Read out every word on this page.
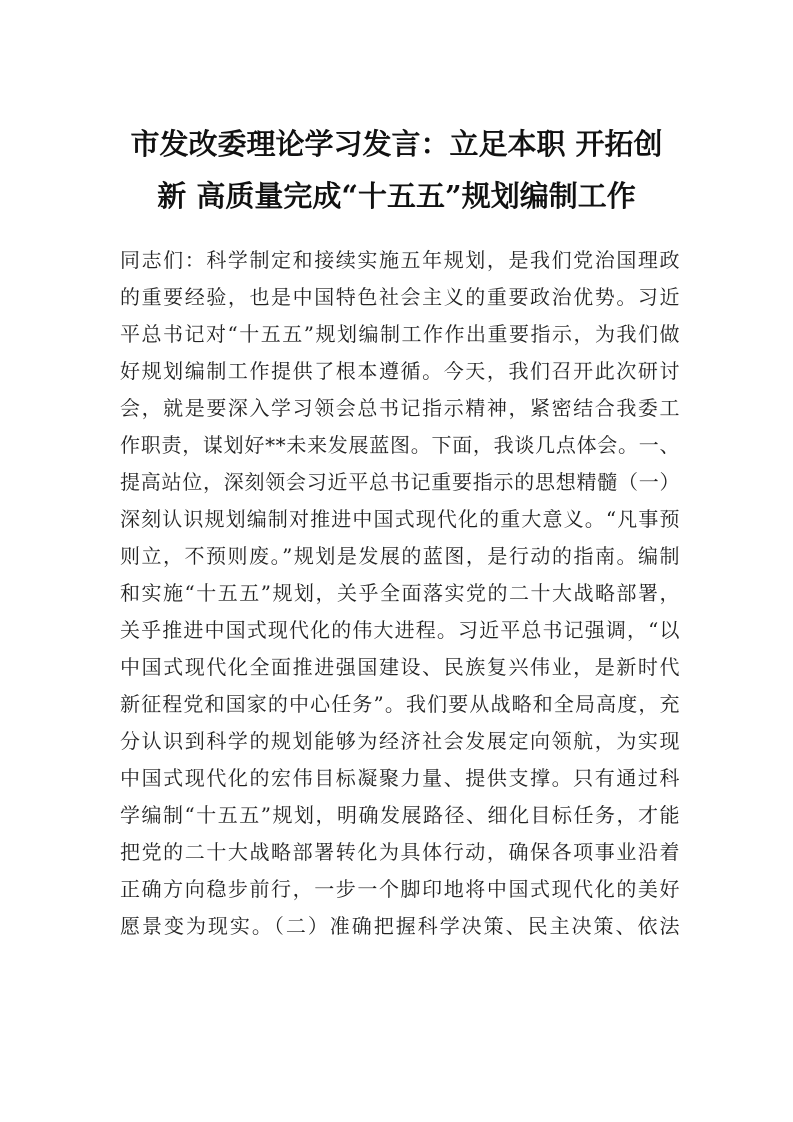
市发改委理论学习发言：立足本职 开拓创
新 高质量完成“十五五”规划编制工作
同志们：科学制定和接续实施五年规划，是我们党治国理政
的重要经验，也是中国特色社会主义的重要政治优势。习近
平总书记对“十五五”规划编制工作作出重要指示，为我们做
好规划编制工作提供了根本遵循。今天，我们召开此次研讨
会，就是要深入学习领会总书记指示精神，紧密结合我委工
作职责，谋划好**未来发展蓝图。下面，我谈几点体会。一、
提高站位，深刻领会习近平总书记重要指示的思想精髓（一）
深刻认识规划编制对推进中国式现代化的重大意义。“凡事预
则立，不预则废。”规划是发展的蓝图，是行动的指南。编制
和实施“十五五”规划，关乎全面落实党的二十大战略部署，
关乎推进中国式现代化的伟大进程。习近平总书记强调，“以
中国式现代化全面推进强国建设、民族复兴伟业，是新时代
新征程党和国家的中心任务”。我们要从战略和全局高度，充
分认识到科学的规划能够为经济社会发展定向领航，为实现
中国式现代化的宏伟目标凝聚力量、提供支撑。只有通过科
学编制“十五五”规划，明确发展路径、细化目标任务，才能
把党的二十大战略部署转化为具体行动，确保各项事业沿着
正确方向稳步前行，一步一个脚印地将中国式现代化的美好
愿景变为现实。（二）准确把握科学决策、民主决策、依法
